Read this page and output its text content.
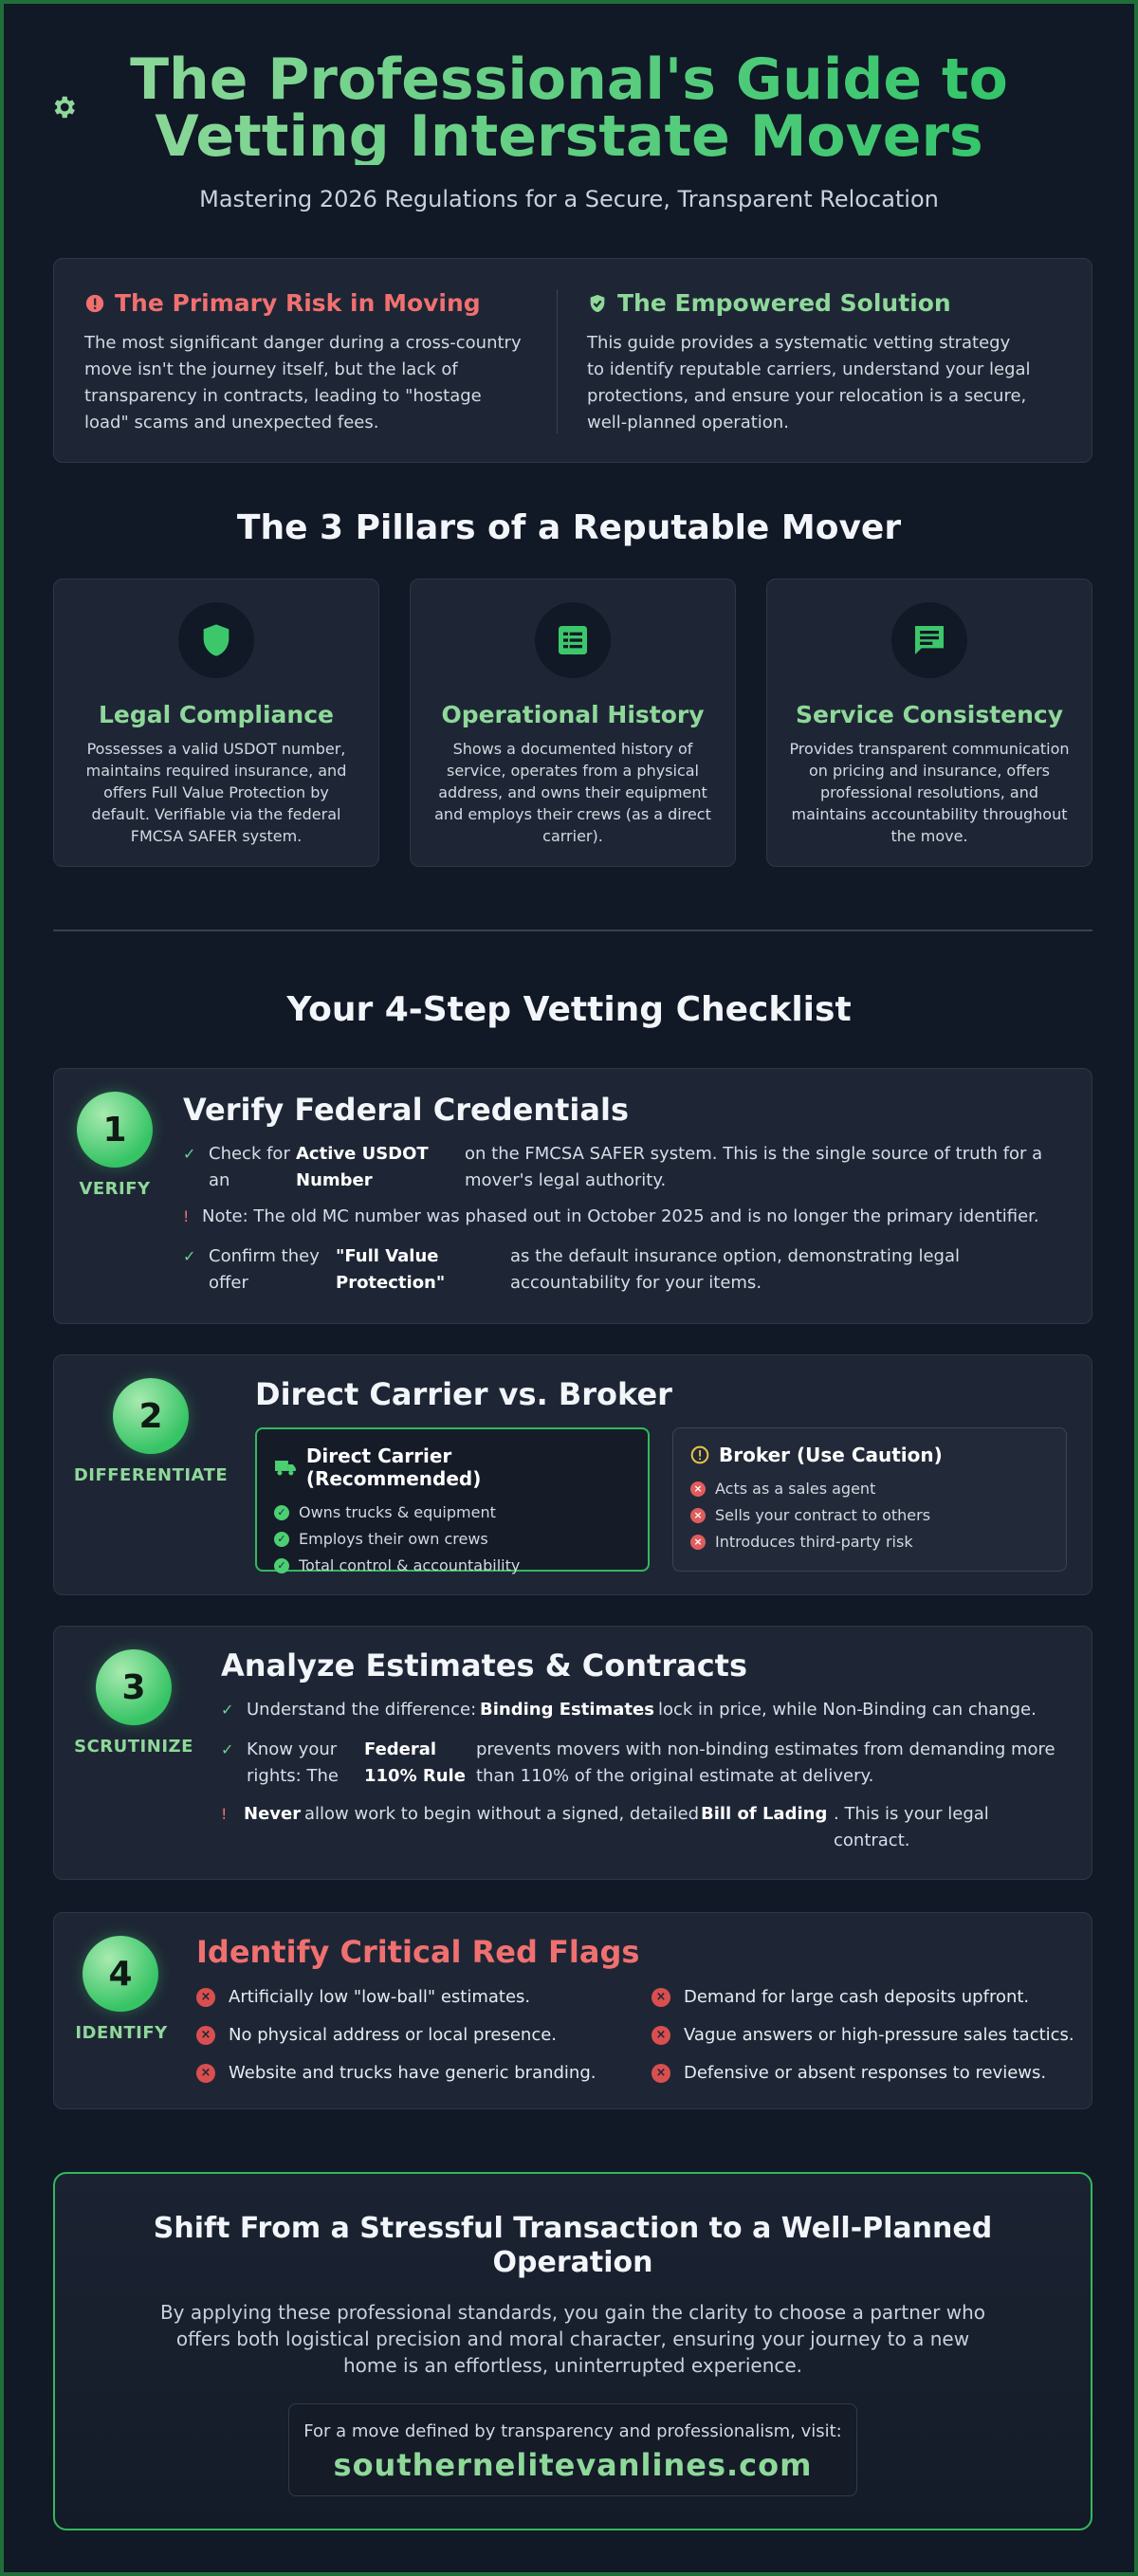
The Professional's Guide to Vetting Interstate Movers
Mastering 2026 Regulations for a Secure, Transparent Relocation
The Primary Risk in Moving

The most significant danger during a cross-country move isn't the journey itself, but the lack of transparency in contracts, leading to "hostage load" scams and unexpected fees.

The Empowered Solution

This guide provides a systematic vetting strategy to identify reputable carriers, understand your legal protections, and ensure your relocation is a secure, well-planned operation.

The 3 Pillars of a Reputable Mover
Legal Compliance

Possesses a valid USDOT number, maintains required insurance, and offers Full Value Protection by default. Verifiable via the federal FMCSA SAFER system.

Operational History

Shows a documented history of service, operates from a physical address, and owns their equipment and employs their crews (as a direct carrier).

Service Consistency

Provides transparent communication on pricing and insurance, offers professional resolutions, and maintains accountability throughout the move.

Your 4-Step Vetting Checklist
1
VERIFY
Verify Federal Credentials
✓ Check for an
Active USDOT Number
on the FMCSA SAFER system. This is the single source of truth for a mover's legal authority.
! Note: The old MC number was phased out in October 2025 and is no longer the primary identifier.
✓ Confirm they offer
"Full Value Protection"
as the default insurance option, demonstrating legal accountability for your items.
2
DIFFERENTIATE
Direct Carrier vs. Broker
Direct Carrier (Recommended)
✓ Owns trucks & equipment
✓ Employs their own crews
✓ Total control & accountability
Broker (Use Caution)
× Acts as a sales agent
× Sells your contract to others
× Introduces third-party risk
3
SCRUTINIZE
Analyze Estimates & Contracts
✓ Understand the difference: Binding Estimates lock in price, while Non-Binding can change.
✓ Know your rights: The
Federal 110% Rule
prevents movers with non-binding estimates from demanding more than 110% of the original estimate at delivery.
! Never allow work to begin without a signed, detailed Bill of Lading . This is your legal contract.
4
IDENTIFY
Identify Critical Red Flags
× Artificially low "low-ball" estimates.	× Demand for large cash deposits upfront.
× No physical address or local presence.	× Vague answers or high-pressure sales tactics.
× Website and trucks have generic branding.	× Defensive or absent responses to reviews.
Shift From a Stressful Transaction to a Well-Planned Operation

By applying these professional standards, you gain the clarity to choose a partner who offers both logistical precision and moral character, ensuring your journey to a new home is an effortless, uninterrupted experience.

For a move defined by transparency and professionalism, visit:
southernelitevanlines.com
